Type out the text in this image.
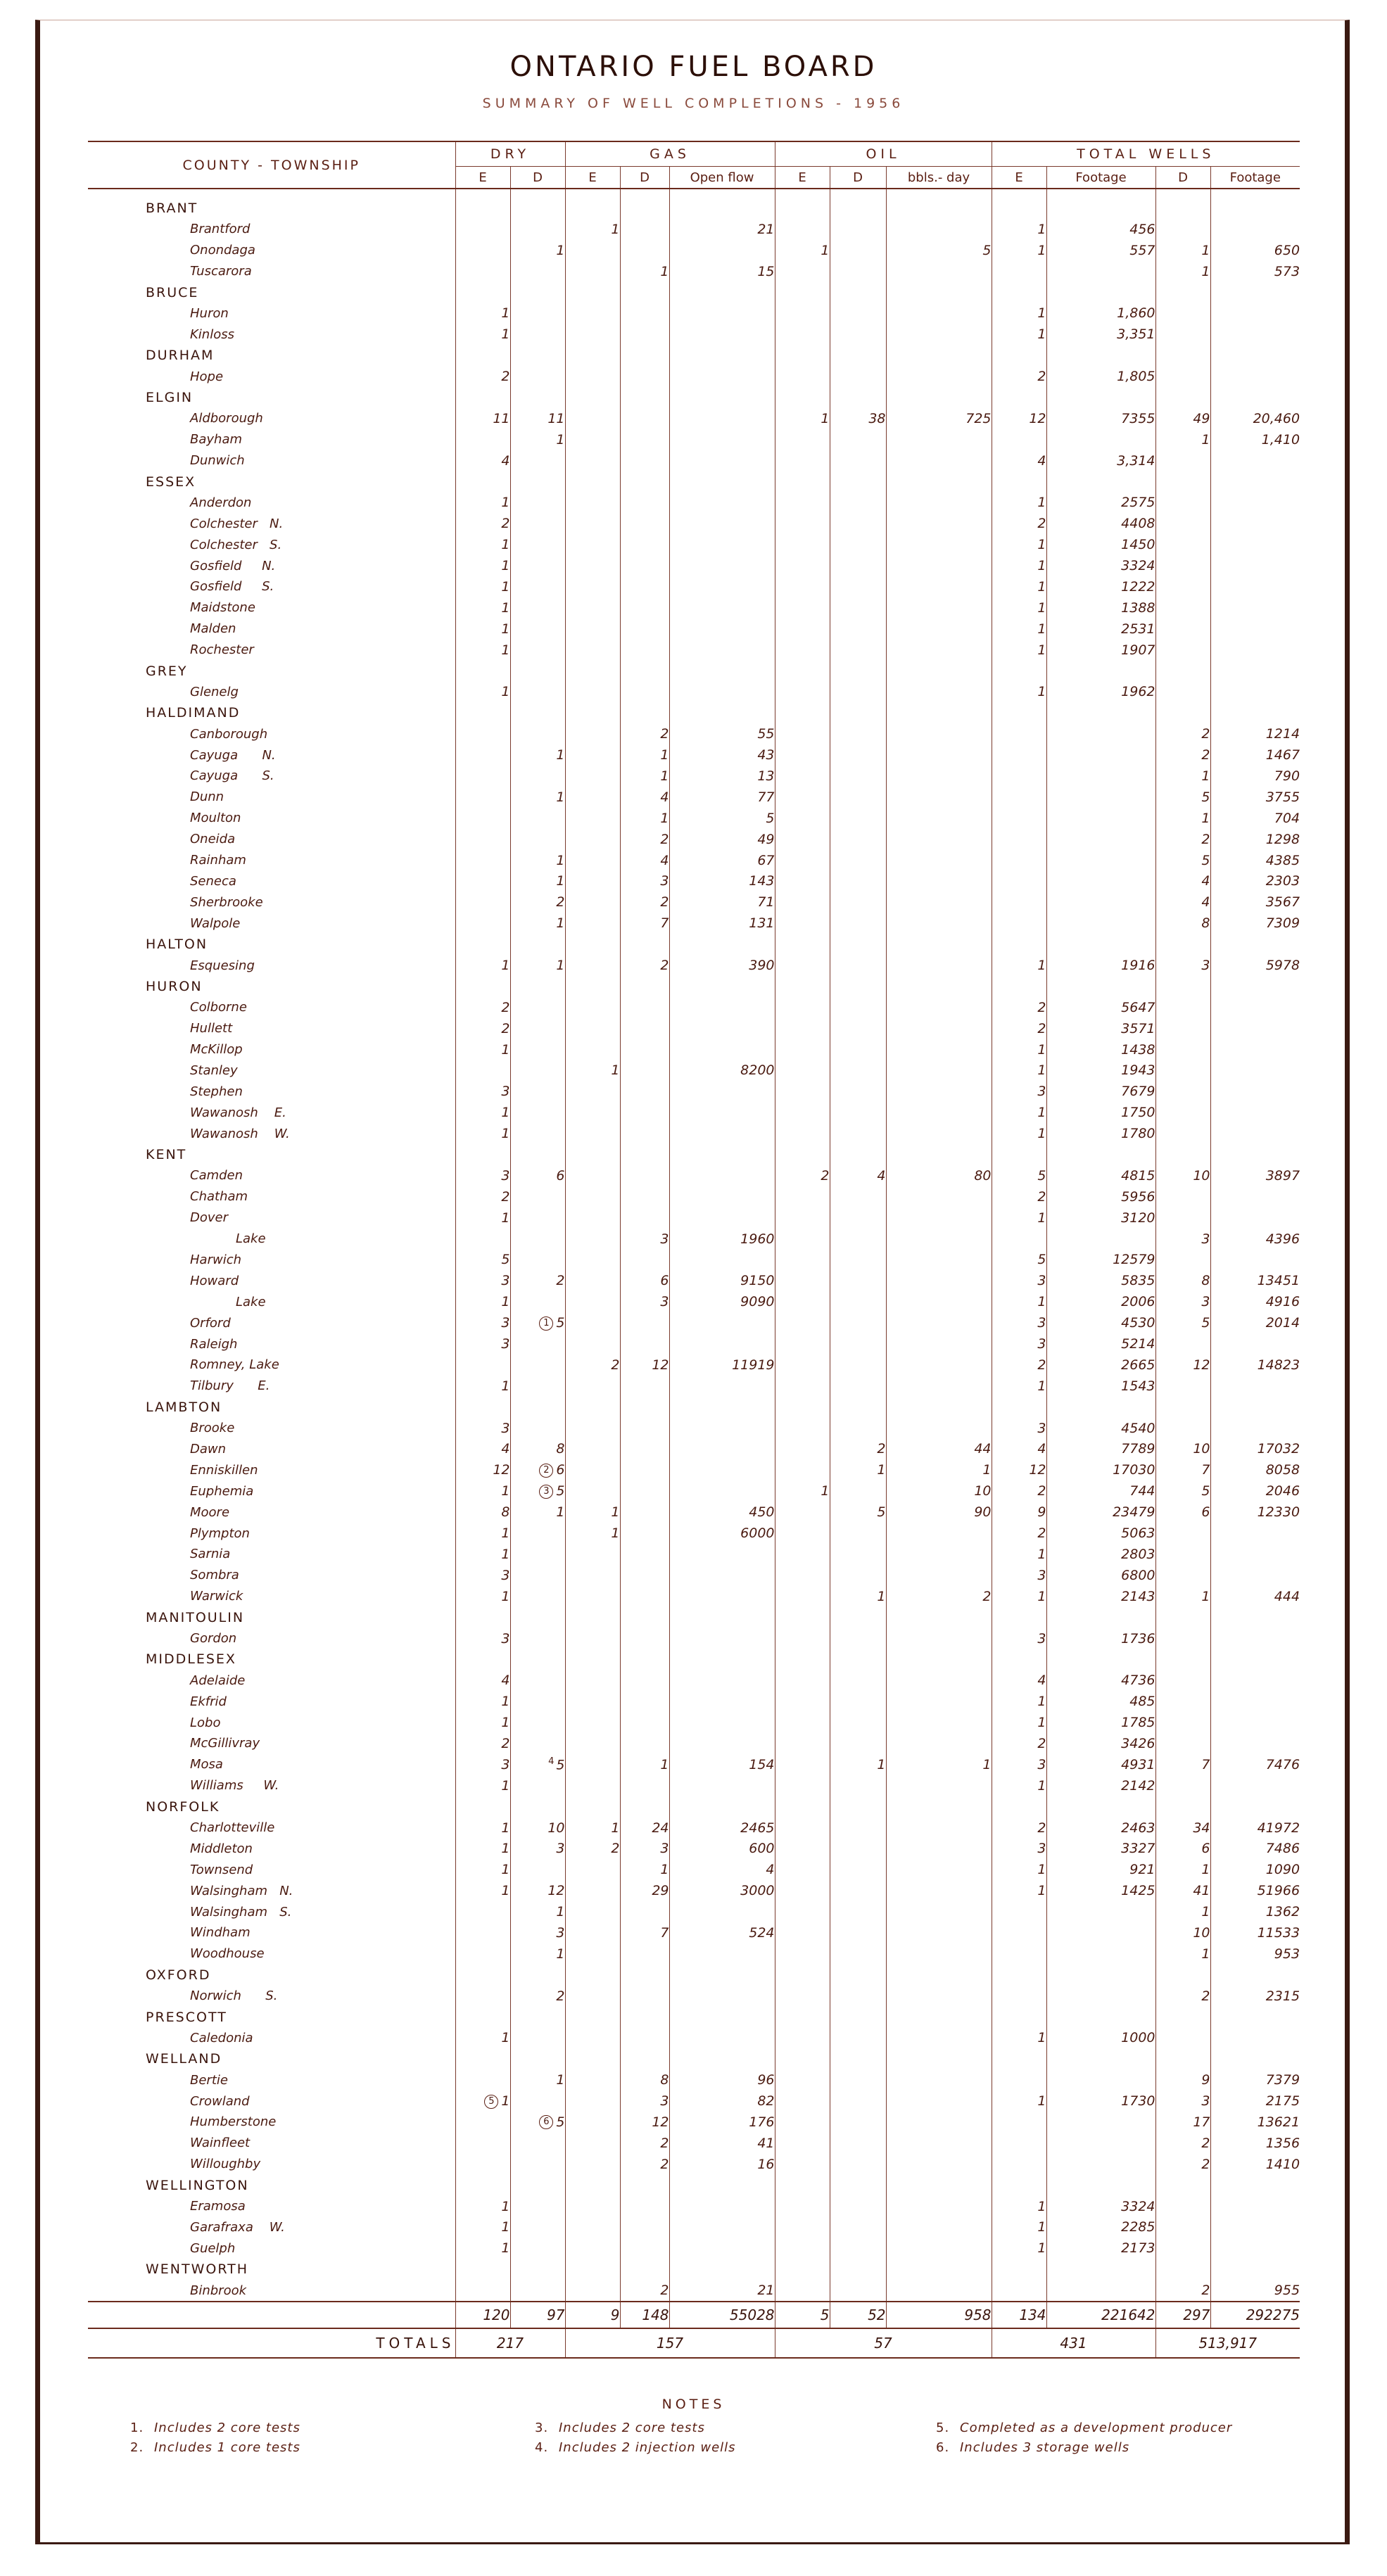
ONTARIO FUEL BOARD
SUMMARY OF WELL COMPLETIONS - 1956
COUNTY - TOWNSHIP	DRY		GAS			OIL			TOTAL WELLS			
	E	D	E	D	Open flow	E	D	bbls.- day	E	Footage	D	Footage

BRANT												
Brantford			1		21				1	456		
Onondaga		1				1		5	1	557	1	650
Tuscarora				1	15						1	573
BRUCE												
Huron	1								1	1,860		
Kinloss	1								1	3,351		
DURHAM												
Hope	2								2	1,805		
ELGIN												
Aldborough	11	11				1	38	725	12	7355	49	20,460
Bayham		1									1	1,410
Dunwich	4								4	3,314		
ESSEX												
Anderdon	1								1	2575		
Colchester   N.	2								2	4408		
Colchester   S.	1								1	1450		
Gosfield     N.	1								1	3324		
Gosfield     S.	1								1	1222		
Maidstone	1								1	1388		
Malden	1								1	2531		
Rochester	1								1	1907		
GREY												
Glenelg	1								1	1962		
HALDIMAND												
Canborough				2	55						2	1214
Cayuga      N.		1		1	43						2	1467
Cayuga      S.				1	13						1	790
Dunn		1		4	77						5	3755
Moulton				1	5						1	704
Oneida				2	49						2	1298
Rainham		1		4	67						5	4385
Seneca		1		3	143						4	2303
Sherbrooke		2		2	71						4	3567
Walpole		1		7	131						8	7309
HALTON												
Esquesing	1	1		2	390				1	1916	3	5978
HURON												
Colborne	2								2	5647		
Hullett	2								2	3571		
McKillop	1								1	1438		
Stanley			1		8200				1	1943		
Stephen	3								3	7679		
Wawanosh    E.	1								1	1750		
Wawanosh    W.	1								1	1780		
KENT												
Camden	3	6				2	4	80	5	4815	10	3897
Chatham	2								2	5956		
Dover	1								1	3120		
Lake				3	1960						3	4396
Harwich	5								5	12579		
Howard	3	2		6	9150				3	5835	8	13451
Lake	1			3	9090				1	2006	3	4916
Orford	3	1 5							3	4530	5	2014
Raleigh	3								3	5214		
Romney, Lake			2	12	11919				2	2665	12	14823
Tilbury      E.	1								1	1543		
LAMBTON												
Brooke	3								3	4540		
Dawn	4	8					2	44	4	7789	10	17032
Enniskillen	12	2 6					1	1	12	17030	7	8058
Euphemia	1	3 5				1		10	2	744	5	2046
Moore	8	1	1		450		5	90	9	23479	6	12330
Plympton	1		1		6000				2	5063		
Sarnia	1								1	2803		
Sombra	3								3	6800		
Warwick	1						1	2	1	2143	1	444
MANITOULIN												
Gordon	3								3	1736		
MIDDLESEX												
Adelaide	4								4	4736		
Ekfrid	1								1	485		
Lobo	1								1	1785		
McGillivray	2								2	3426		
Mosa	3	$^4$ 5		1	154		1	1	3	4931	7	7476
Williams     W.	1								1	2142		
NORFOLK												
Charlotteville	1	10	1	24	2465				2	2463	34	41972
Middleton	1	3	2	3	600				3	3327	6	7486
Townsend	1			1	4				1	921	1	1090
Walsingham   N.	1	12		29	3000				1	1425	41	51966
Walsingham   S.		1									1	1362
Windham		3		7	524						10	11533
Woodhouse		1									1	953
OXFORD												
Norwich      S.		2									2	2315
PRESCOTT												
Caledonia	1								1	1000		
WELLAND												
Bertie		1		8	96						9	7379
Crowland	5 1			3	82				1	1730	3	2175
Humberstone		6 5		12	176						17	13621
Wainfleet				2	41						2	1356
Willoughby				2	16						2	1410
WELLINGTON												
Eramosa	1								1	3324		
Garafraxa    W.	1								1	2285		
Guelph	1								1	2173		
WENTWORTH												
Binbrook				2	21						2	955
	120	97	9	148	55028	5	52	958	134	221642	297	292275
TOTALS	217		157			57			431		513,917	
NOTES
1. Includes 2 core tests
2. Includes 1 core tests
3. Includes 2 core tests
4. Includes 2 injection wells
5. Completed as a development producer
6. Includes 3 storage wells
